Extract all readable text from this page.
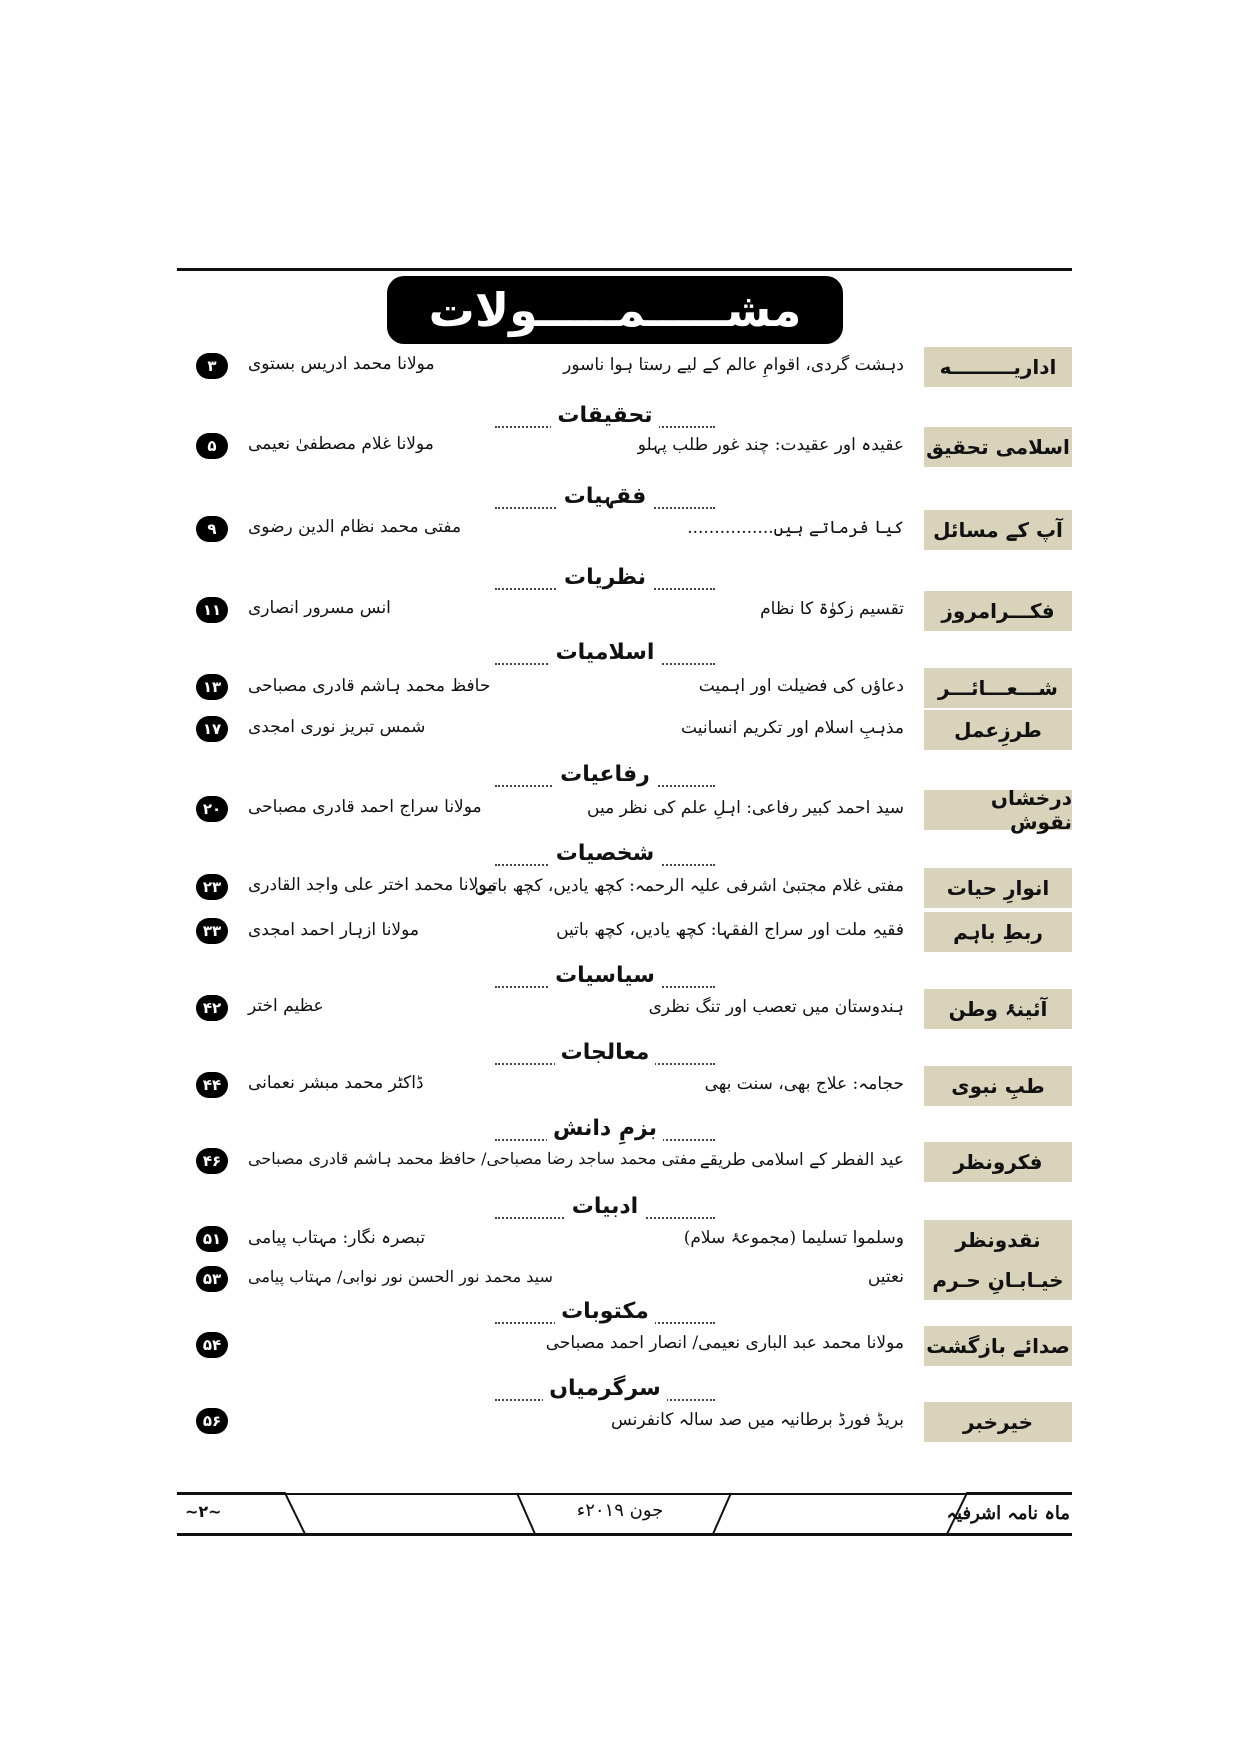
مشـــــمـــــولات
اداریـــــــــه
دہشت گردی، اقوامِ عالم کے لیے رستا ہوا ناسور
مولانا محمد ادریس بستوی
۳
تحقیقات
اسلامی تحقیق
عقیدہ اور عقیدت: چند غور طلب پہلو
مولانا غلام مصطفیٰ نعیمی
۵
فقہیات
آپ کے مسائل
کیا فرماتے ہیں................
مفتی محمد نظام الدین رضوی
۹
نظریات
فکـــرامروز
تقسیم زکوٰۃ کا نظام
انس مسرور انصاری
۱۱
اسلامیات
شـــعـــائـــر
دعاؤں کی فضیلت اور اہمیت
حافظ محمد ہاشم قادری مصباحی
۱۳
طرزِعمل
مذہبِ اسلام اور تکریم انسانیت
شمس تبریز نوری امجدی
۱۷
رفاعیات
درخشاں نقوش
سید احمد کبیر رفاعی: اہلِ علم کی نظر میں
مولانا سراج احمد قادری مصباحی
۲۰
شخصیات
انوارِ حیات
مفتی غلام مجتبیٰ اشرفی علیہ الرحمہ: کچھ یادیں، کچھ باتیں
مولانا محمد اختر علی واجد القادری
۲۳
ربطِ باہم
فقیہِ ملت اور سراج الفقہا: کچھ یادیں، کچھ باتیں
مولانا ازہار احمد امجدی
۳۳
سیاسیات
آئینۂ وطن
ہندوستان میں تعصب اور تنگ نظری
عظیم اختر
۴۲
معالجات
طبِ نبوی
حجامہ: علاج بھی، سنت بھی
ڈاکٹر محمد مبشر نعمانی
۴۴
بزمِ دانش
فکرونظر
عید الفطر کے اسلامی طریقے
مفتی محمد ساجد رضا مصباحی/ حافظ محمد ہاشم قادری مصباحی
۴۶
ادبیات
نقدونظر
وسلموا تسلیما (مجموعۂ سلام)
تبصرہ نگار: مہتاب پیامی
۵۱
خیـابـانِ حـرم
نعتیں
سید محمد نور الحسن نور نوابی/ مہتاب پیامی
۵۳
مکتوبات
صدائے بازگشت
مولانا محمد عبد الباری نعیمی/ انصار احمد مصباحی
۵۴
سرگرمیاں
خیرخبر
بریڈ فورڈ برطانیہ میں صد سالہ کانفرنس
۵۶
~۲~	جون ۲۰۱۹ء	ماہ نامہ اشرفیہ
